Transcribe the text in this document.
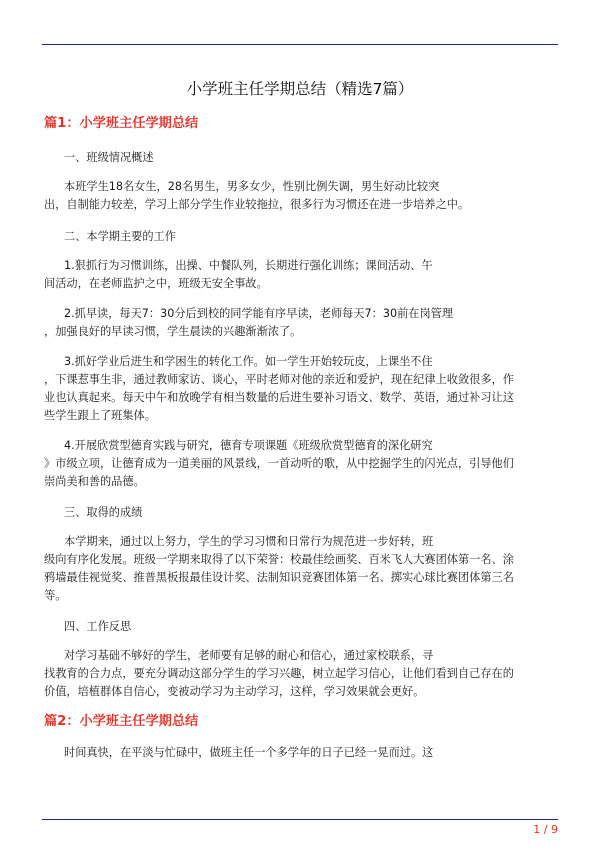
小学班主任学期总结（精选7篇）
篇1：小学班主任学期总结

一、班级情况概述

本班学生18名女生，28名男生，男多女少，性别比例失调，男生好动比较突

出，自制能力较差，学习上部分学生作业较拖拉，很多行为习惯还在进一步培养之中。

二、本学期主要的工作

1.狠抓行为习惯训练，出操、中餐队列，长期进行强化训练；课间活动、午

间活动，在老师监护之中，班级无安全事故。

2.抓早读，每天7：30分后到校的同学能有序早读，老师每天7：30前在岗管理

，加强良好的早读习惯，学生晨读的兴趣渐渐浓了。

3.抓好学业后进生和学困生的转化工作。如一学生开始较玩皮，上课坐不住

，下课惹事生非，通过教师家访、谈心，平时老师对他的亲近和爱护，现在纪律上收敛很多，作

业也认真起来。每天中午和放晚学有相当数量的后进生要补习语文、数学、英语，通过补习让这

些学生跟上了班集体。

4.开展欣赏型德育实践与研究，德育专项课题《班级欣赏型德育的深化研究

》市级立项，让德育成为一道美丽的风景线，一首动听的歌，从中挖掘学生的闪光点，引导他们

崇尚美和善的品德。

三、取得的成绩

本学期来，通过以上努力，学生的学习习惯和日常行为规范进一步好转，班

级向有序化发展。班级一学期来取得了以下荣誉：校最佳绘画奖、百米飞人大赛团体第一名、涂

鸦墙最佳视觉奖、推普黑板报最佳设计奖、法制知识竞赛团体第一名、掷实心球比赛团体第三名

等。

四、工作反思

对学习基础不够好的学生，老师要有足够的耐心和信心，通过家校联系，寻

找教育的合力点，要充分调动这部分学生的学习兴趣，树立起学习信心，让他们看到自己存在的

价值，培植群体自信心，变被动学习为主动学习，这样，学习效果就会更好。

篇2：小学班主任学期总结

时间真快，在平淡与忙碌中，做班主任一个多学年的日子已经一晃而过。这

1 / 9
